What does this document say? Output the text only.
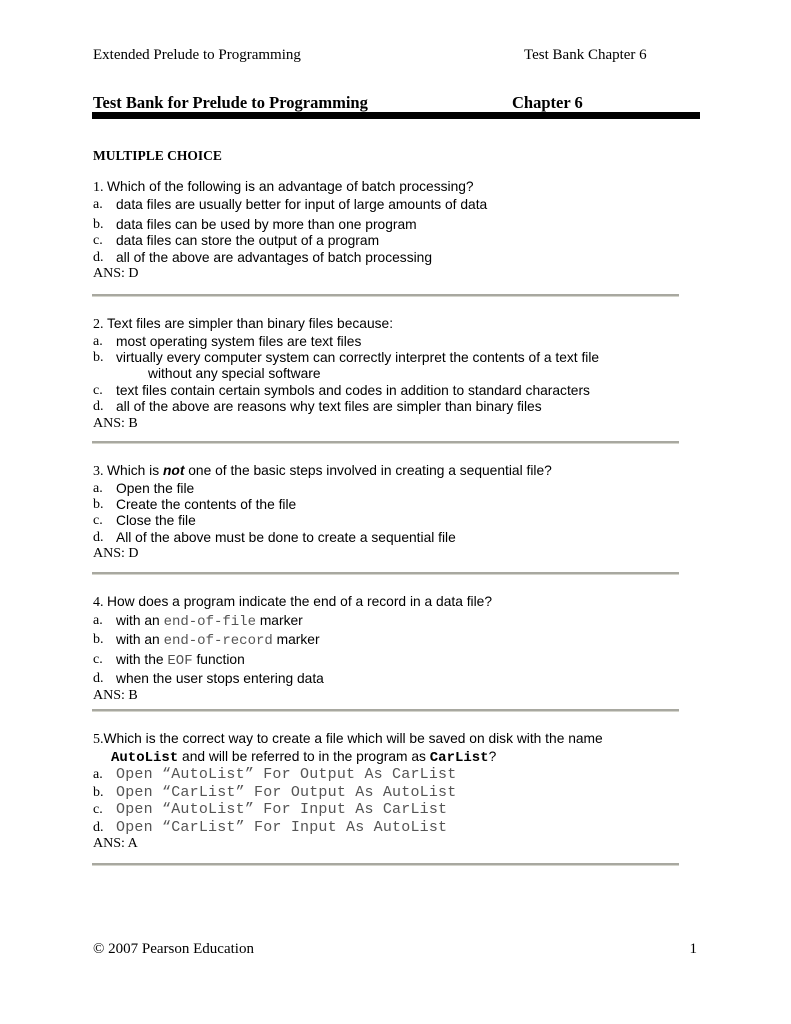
Extended Prelude to Programming	Test Bank Chapter 6
Test Bank for Prelude to Programming	Chapter 6
MULTIPLE CHOICE
1. Which of the following is an advantage of batch processing?
a. data files are usually better for input of large amounts of data
b. data files can be used by more than one program
c. data files can store the output of a program
d. all of the above are advantages of batch processing
ANS: D
2. Text files are simpler than binary files because:
a. most operating system files are text files
b. virtually every computer system can correctly interpret the contents of a text file
without any special software
c. text files contain certain symbols and codes in addition to standard characters
d. all of the above are reasons why text files are simpler than binary files
ANS: B
3. Which is not one of the basic steps involved in creating a sequential file?
a. Open the file
b. Create the contents of the file
c. Close the file
d. All of the above must be done to create a sequential file
ANS: D
4. How does a program indicate the end of a record in a data file?
a. with an end-of-file marker
b. with an end-of-record marker
c. with the EOF function
d. when the user stops entering data
ANS: B
5.Which is the correct way to create a file which will be saved on disk with the name
AutoList and will be referred to in the program as CarList?
a. Open “AutoList” For Output As CarList
b. Open “CarList” For Output As AutoList
c. Open “AutoList” For Input As CarList
d. Open “CarList” For Input As AutoList
ANS: A
© 2007 Pearson Education	1
